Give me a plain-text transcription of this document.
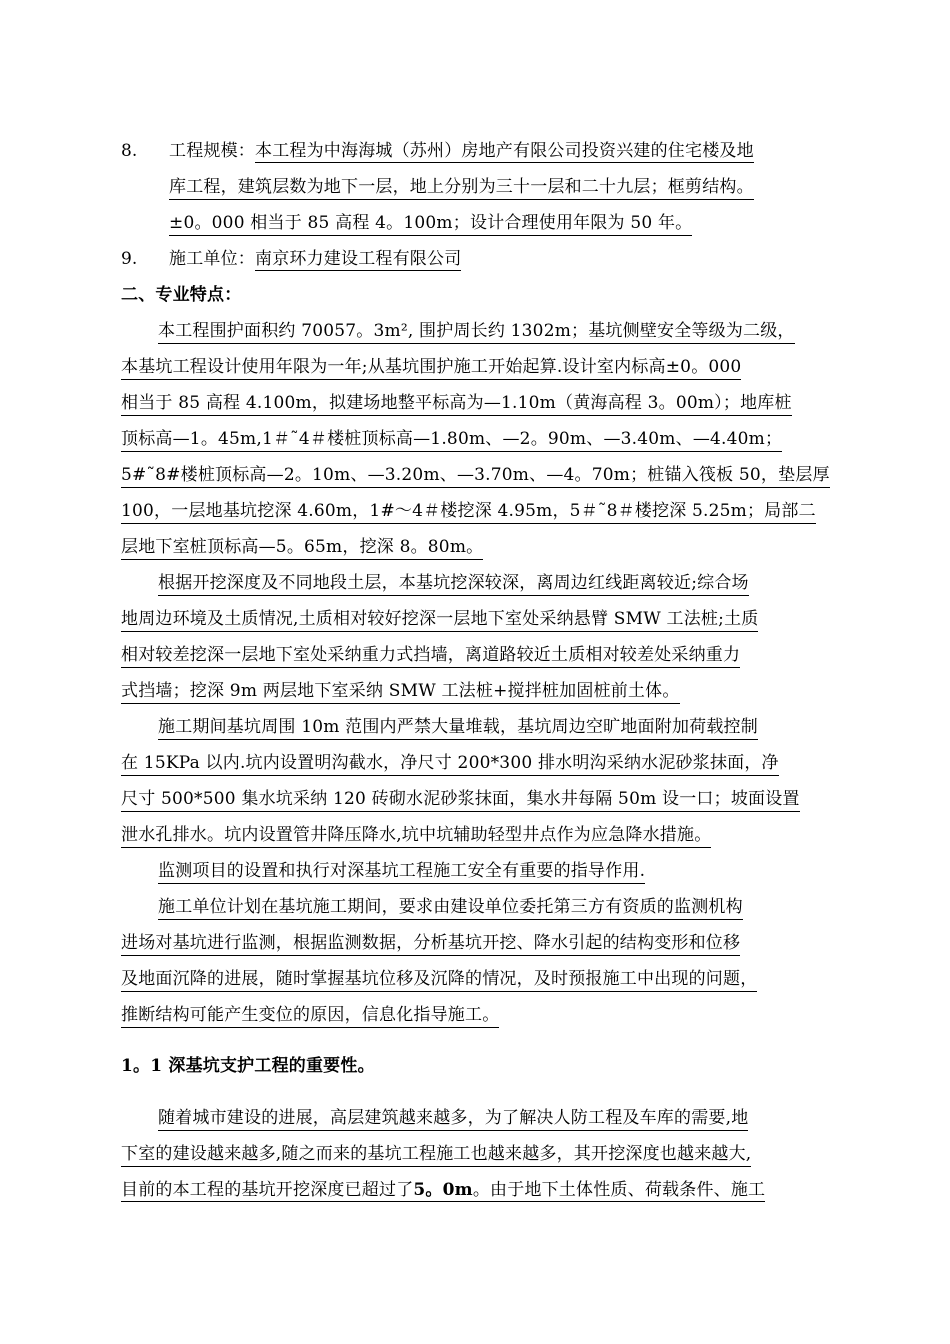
8. 工程规模：本工程为中海海城（苏州）房地产有限公司投资兴建的住宅楼及地
库工程，建筑层数为地下一层，地上分别为三十一层和二十九层；框剪结构。
±0。000 相当于 85 高程 4。100m；设计合理使用年限为 50 年。
9. 施工单位：南京环力建设工程有限公司
二、专业特点：
本工程围护面积约 70057。3m², 围护周长约 1302m；基坑侧壁安全等级为二级，
本基坑工程设计使用年限为一年;从基坑围护施工开始起算.设计室内标高±0。000
相当于 85 高程 4.100m，拟建场地整平标高为—1.10m（黄海高程 3。00m）；地库桩
顶标高—1。45m,1＃˜4＃楼桩顶标高—1.80m、—2。90m、—3.40m、—4.40m；
5#˜8#楼桩顶标高—2。10m、—3.20m、—3.70m、—4。70m；桩锚入筏板 50，垫层厚
100，一层地基坑挖深 4.60m，1#～4＃楼挖深 4.95m，5＃˜8＃楼挖深 5.25m；局部二
层地下室桩顶标高—5。65m，挖深 8。80m。
根据开挖深度及不同地段土层，本基坑挖深较深，离周边红线距离较近;综合场
地周边环境及土质情况,土质相对较好挖深一层地下室处采纳悬臂 SMW 工法桩;土质
相对较差挖深一层地下室处采纳重力式挡墙，离道路较近土质相对较差处采纳重力
式挡墙；挖深 9m 两层地下室采纳 SMW 工法桩+搅拌桩加固桩前土体。
施工期间基坑周围 10m 范围内严禁大量堆载，基坑周边空旷地面附加荷载控制
在 15KPa 以内.坑内设置明沟截水，净尺寸 200*300 排水明沟采纳水泥砂浆抹面，净
尺寸 500*500 集水坑采纳 120 砖砌水泥砂浆抹面，集水井每隔 50m 设一口；坡面设置
泄水孔排水。坑内设置管井降压降水,坑中坑辅助轻型井点作为应急降水措施。
监测项目的设置和执行对深基坑工程施工安全有重要的指导作用.
施工单位计划在基坑施工期间，要求由建设单位委托第三方有资质的监测机构
进场对基坑进行监测，根据监测数据，分析基坑开挖、降水引起的结构变形和位移
及地面沉降的进展，随时掌握基坑位移及沉降的情况，及时预报施工中出现的问题，
推断结构可能产生变位的原因，信息化指导施工。
1。1 深基坑支护工程的重要性。
随着城市建设的进展，高层建筑越来越多，为了解决人防工程及车库的需要,地
下室的建设越来越多,随之而来的基坑工程施工也越来越多，其开挖深度也越来越大,
目前的本工程的基坑开挖深度已超过了5。0m。由于地下土体性质、荷载条件、施工
